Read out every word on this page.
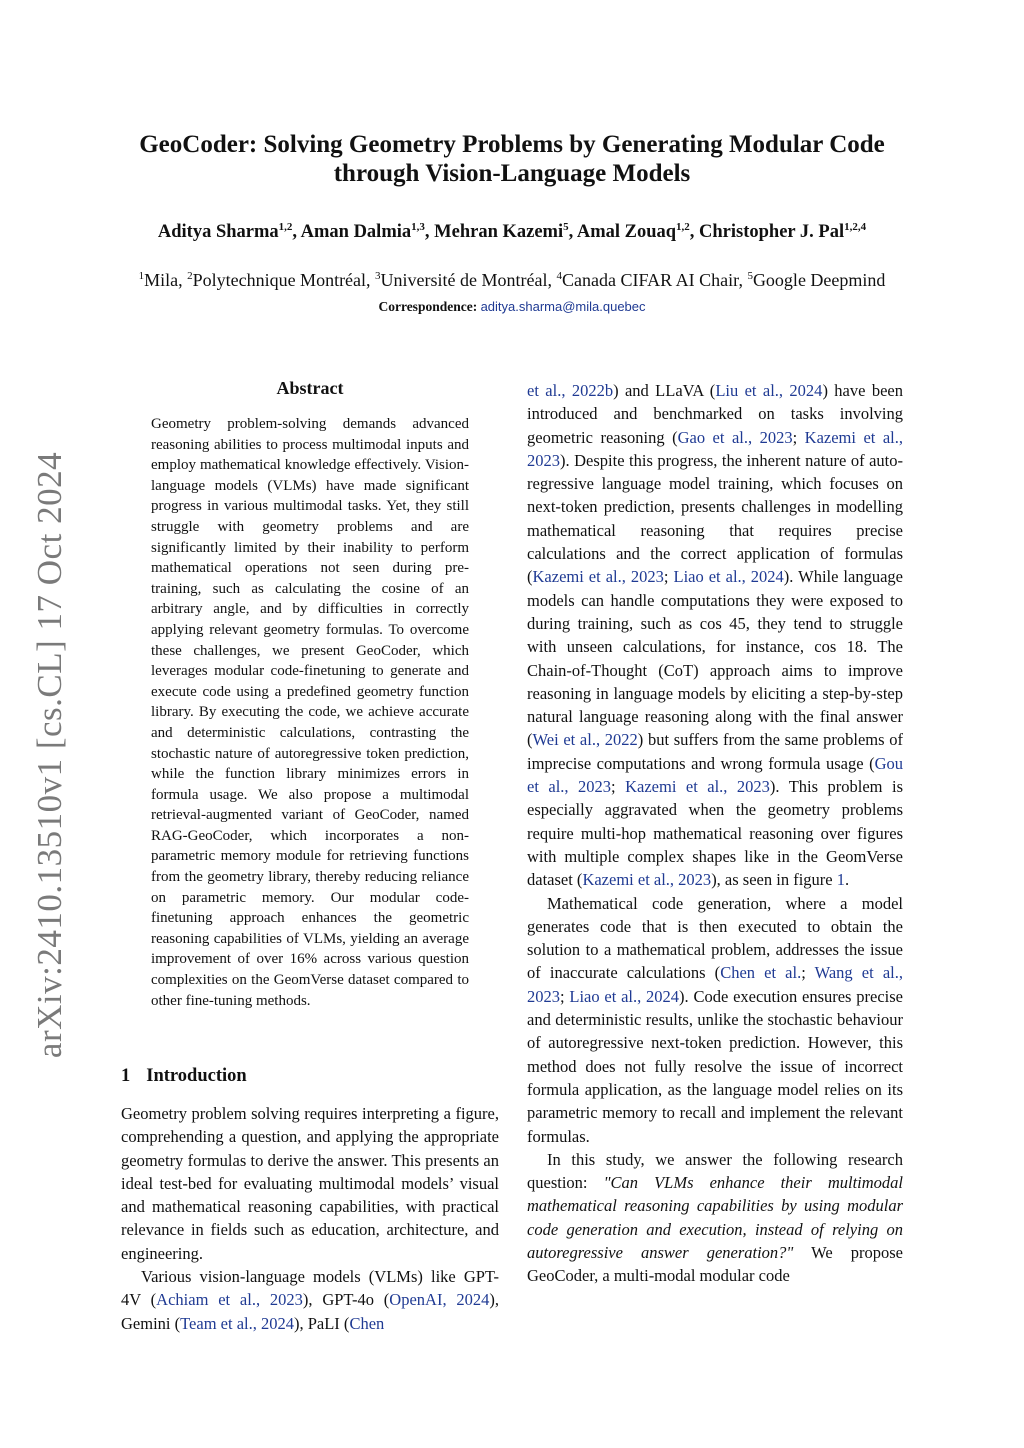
arXiv:2410.13510v1 [cs.CL] 17 Oct 2024
GeoCoder: Solving Geometry Problems by Generating Modular Code
through Vision-Language Models
Aditya Sharma$^{1,2}$, Aman Dalmia$^{1,3}$, Mehran Kazemi$^5$, Amal Zouaq$^{1,2}$, Christopher J. Pal$^{1,2,4}$
$^1$Mila, $^2$Polytechnique Montréal, $^3$Université de Montréal, $^4$Canada CIFAR AI Chair, $^5$Google Deepmind
Correspondence: aditya.sharma@mila.quebec
Abstract
Geometry problem-solving demands advanced reasoning abilities to process multimodal inputs and employ mathematical knowledge effectively. Vision-language models (VLMs) have made significant progress in various multimodal tasks. Yet, they still struggle with geometry problems and are significantly limited by their inability to perform mathematical operations not seen during pre-training, such as calculating the cosine of an arbitrary angle, and by difficulties in correctly applying relevant geometry formulas. To overcome these challenges, we present GeoCoder, which leverages modular code-finetuning to generate and execute code using a predefined geometry function library. By executing the code, we achieve accurate and deterministic calculations, contrasting the stochastic nature of autoregressive token prediction, while the function library minimizes errors in formula usage. We also propose a multimodal retrieval-augmented variant of GeoCoder, named RAG-GeoCoder, which incorporates a non-parametric memory module for retrieving functions from the geometry library, thereby reducing reliance on parametric memory. Our modular code-finetuning approach enhances the geometric reasoning capabilities of VLMs, yielding an average improvement of over 16% across various question complexities on the GeomVerse dataset compared to other fine-tuning methods.
1 Introduction

Geometry problem solving requires interpreting a figure, comprehending a question, and applying the appropriate geometry formulas to derive the answer. This presents an ideal test-bed for evaluating multimodal models’ visual and mathematical reasoning capabilities, with practical relevance in fields such as education, architecture, and engineering.

Various vision-language models (VLMs) like GPT-4V (Achiam et al., 2023), GPT-4o (OpenAI, 2024), Gemini (Team et al., 2024), PaLI (Chen

et al., 2022b) and LLaVA (Liu et al., 2024) have been introduced and benchmarked on tasks involving geometric reasoning (Gao et al., 2023; Kazemi et al., 2023). Despite this progress, the inherent nature of auto-regressive language model training, which focuses on next-token prediction, presents challenges in modelling mathematical reasoning that requires precise calculations and the correct application of formulas (Kazemi et al., 2023; Liao et al., 2024). While language models can handle computations they were exposed to during training, such as cos 45, they tend to struggle with unseen calculations, for instance, cos 18. The Chain-of-Thought (CoT) approach aims to improve reasoning in language models by eliciting a step-by-step natural language reasoning along with the final answer (Wei et al., 2022) but suffers from the same problems of imprecise computations and wrong formula usage (Gou et al., 2023; Kazemi et al., 2023). This problem is especially aggravated when the geometry problems require multi-hop mathematical reasoning over figures with multiple complex shapes like in the GeomVerse dataset (Kazemi et al., 2023), as seen in figure 1.

Mathematical code generation, where a model generates code that is then executed to obtain the solution to a mathematical problem, addresses the issue of inaccurate calculations (Chen et al.; Wang et al., 2023; Liao et al., 2024). Code execution ensures precise and deterministic results, unlike the stochastic behaviour of autoregressive next-token prediction. However, this method does not fully resolve the issue of incorrect formula application, as the language model relies on its parametric memory to recall and implement the relevant formulas.

In this study, we answer the following research question: "Can VLMs enhance their multimodal mathematical reasoning capabilities by using modular code generation and execution, instead of relying on autoregressive answer generation?" We propose GeoCoder, a multi-modal modular code
